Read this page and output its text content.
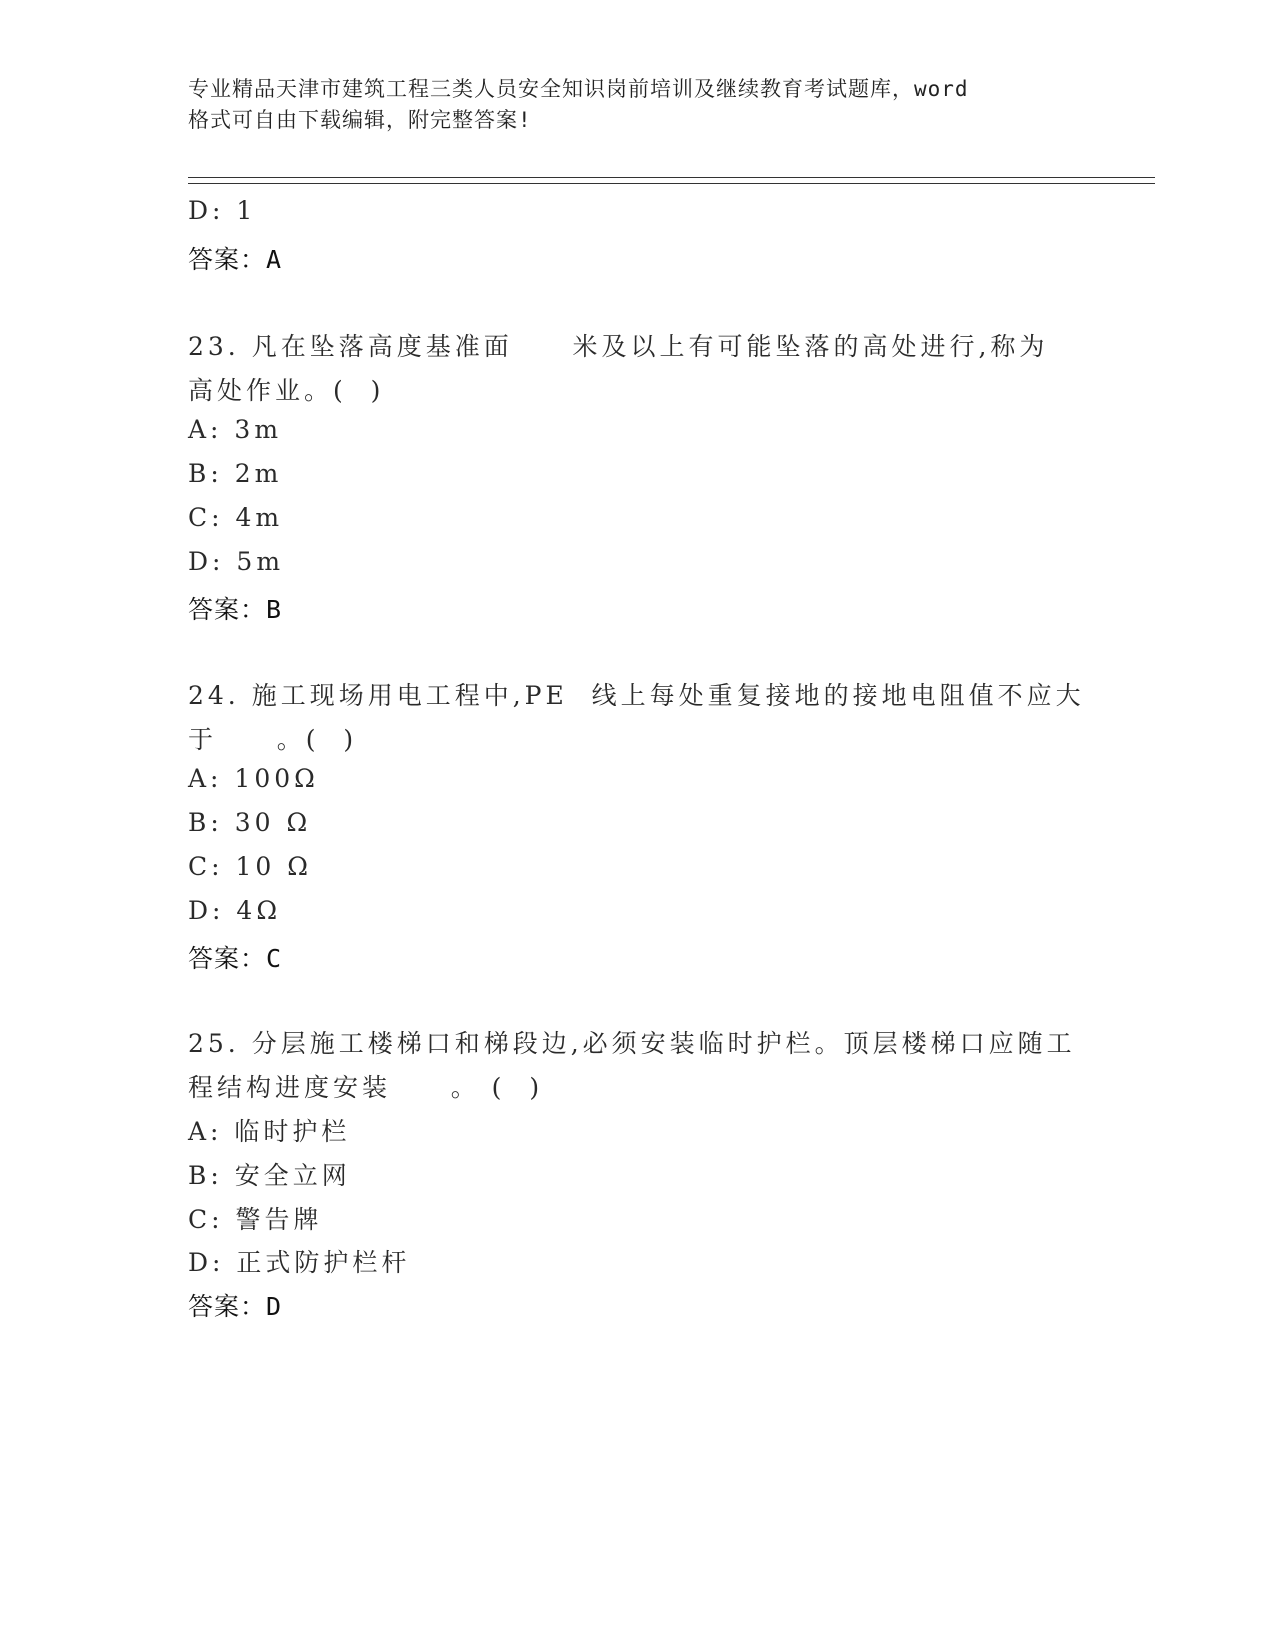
专业精品天津市建筑工程三类人员安全知识岗前培训及继续教育考试题库，word
格式可自由下载编辑，附完整答案!
D: 1
答案：A
23. 凡在坠落高度基准面     米及以上有可能坠落的高处进行,称为
高处作业。(  )
A: 3m
B: 2m
C: 4m
D: 5m
答案：B
24. 施工现场用电工程中,PE  线上每处重复接地的接地电阻值不应大
于     。(  )
A: 100Ω
B: 30 Ω
C: 10 Ω
D: 4Ω
答案：C
25. 分层施工楼梯口和梯段边,必须安装临时护栏。顶层楼梯口应随工
程结构进度安装     。 (  )
A: 临时护栏
B: 安全立网
C: 警告牌
D: 正式防护栏杆
答案：D
